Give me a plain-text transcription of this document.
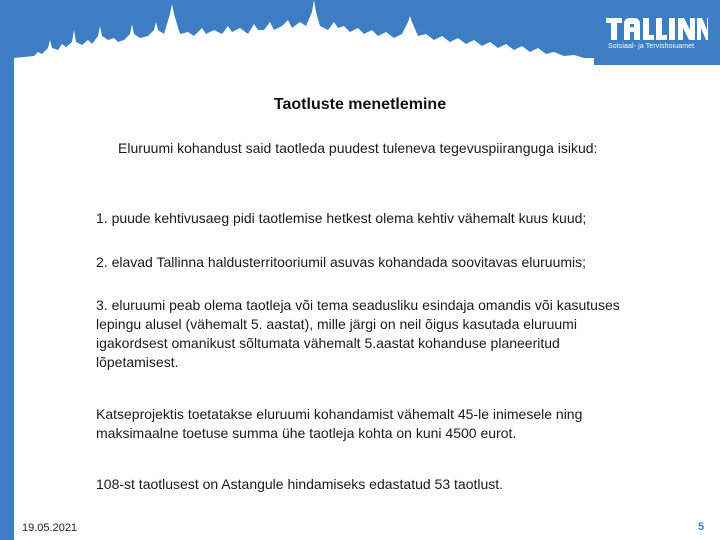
Sotsiaal- ja Tervishoiuamet
Taotluste menetlemine
Eluruumi kohandust said taotleda puudest tuleneva tegevuspiiranguga isikud:
1. puude kehtivusaeg pidi taotlemise hetkest olema kehtiv vähemalt kuus kuud;
2. elavad Tallinna haldusterritooriumil asuvas kohandada soovitavas eluruumis;
3. eluruumi peab olema taotleja või tema seadusliku esindaja omandis või kasutuses lepingu alusel (vähemalt 5. aastat), mille järgi on neil õigus kasutada eluruumi igakordsest omanikust sõltumata vähemalt 5.aastat kohanduse planeeritud lõpetamisest.
Katseprojektis toetatakse eluruumi kohandamist vähemalt 45-le inimesele ning maksimaalne toetuse summa ühe taotleja kohta on kuni 4500 eurot.
108-st taotlusest on Astangule hindamiseks edastatud 53 taotlust.
19.05.2021	5
